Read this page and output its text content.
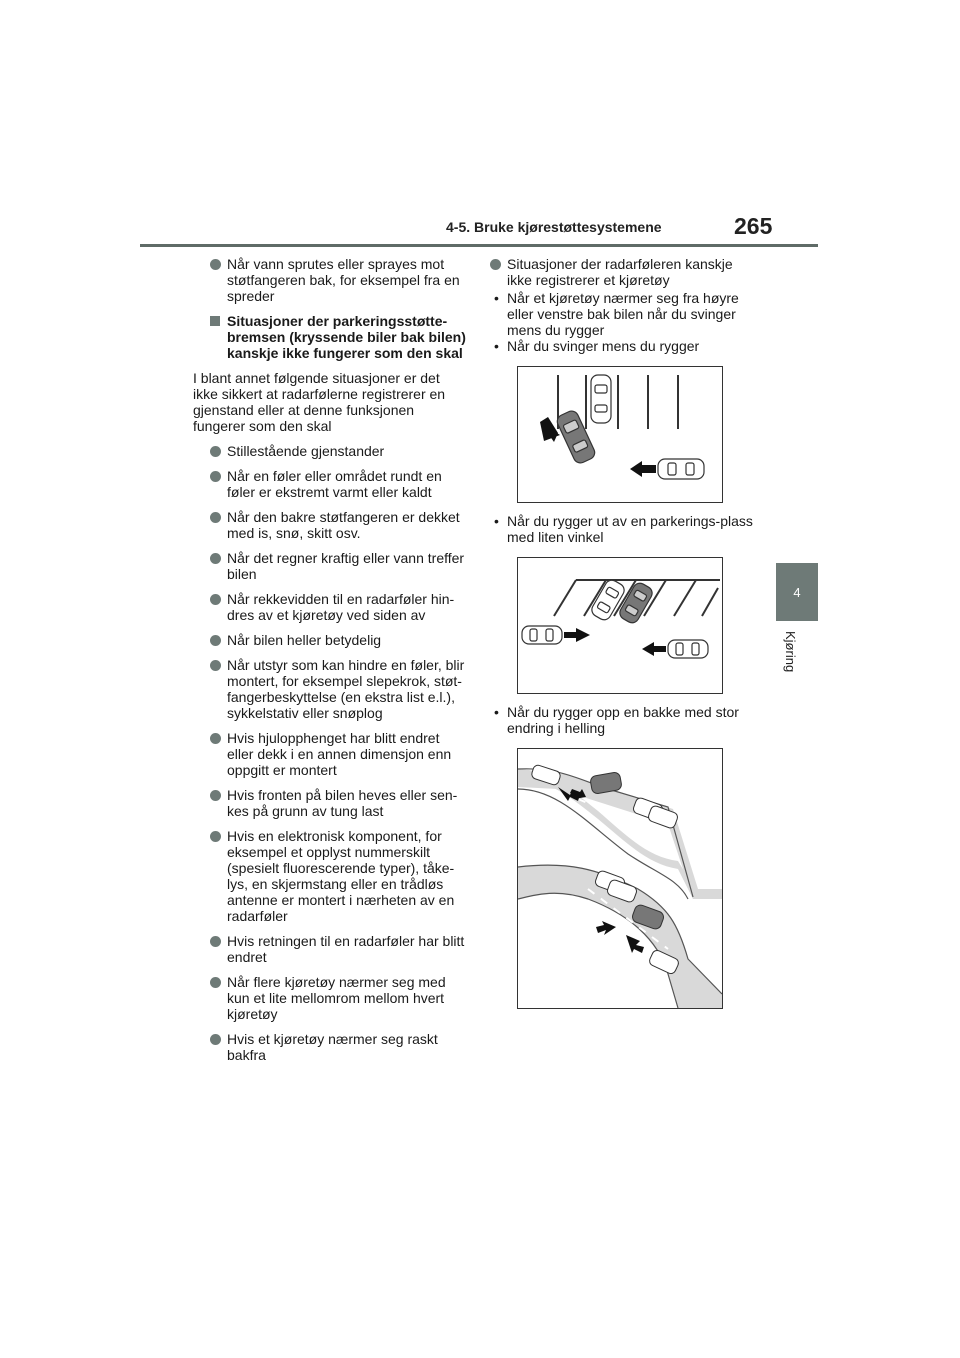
4-5. Bruke kjørestøttesystemene	265
4
Kjøring
Når vann sprutes eller sprayes mot støtfangeren bak, for eksempel fra en spreder
Situasjoner der parkeringsstøtte-bremsen (kryssende biler bak bilen) kanskje ikke fungerer som den skal
I blant annet følgende situasjoner er det ikke sikkert at radarfølerne registrerer en gjenstand eller at denne funksjonen fungerer som den skal
Stillestående gjenstander
Når en føler eller området rundt en føler er ekstremt varmt eller kaldt
Når den bakre støtfangeren er dekket med is, snø, skitt osv.
Når det regner kraftig eller vann treffer bilen
Når rekkevidden til en radarføler hin-dres av et kjøretøy ved siden av
Når bilen heller betydelig
Når utstyr som kan hindre en føler, blir montert, for eksempel slepekrok, støt-fangerbeskyttelse (en ekstra list e.l.), sykkelstativ eller snøplog
Hvis hjulopphenget har blitt endret eller dekk i en annen dimensjon enn oppgitt er montert
Hvis fronten på bilen heves eller sen-kes på grunn av tung last
Hvis en elektronisk komponent, for eksempel et opplyst nummerskilt (spesielt fluorescerende typer), tåke-lys, en skjermstang eller en trådløs antenne er montert i nærheten av en radarføler
Hvis retningen til en radarføler har blitt endret
Når flere kjøretøy nærmer seg med kun et lite mellomrom mellom hvert kjøretøy
Hvis et kjøretøy nærmer seg raskt bakfra
Situasjoner der radarføleren kanskje ikke registrerer et kjøretøy
• Når et kjøretøy nærmer seg fra høyre eller venstre bak bilen når du svinger mens du rygger
• Når du svinger mens du rygger
• Når du rygger ut av en parkerings-plass med liten vinkel
• Når du rygger opp en bakke med stor endring i helling
